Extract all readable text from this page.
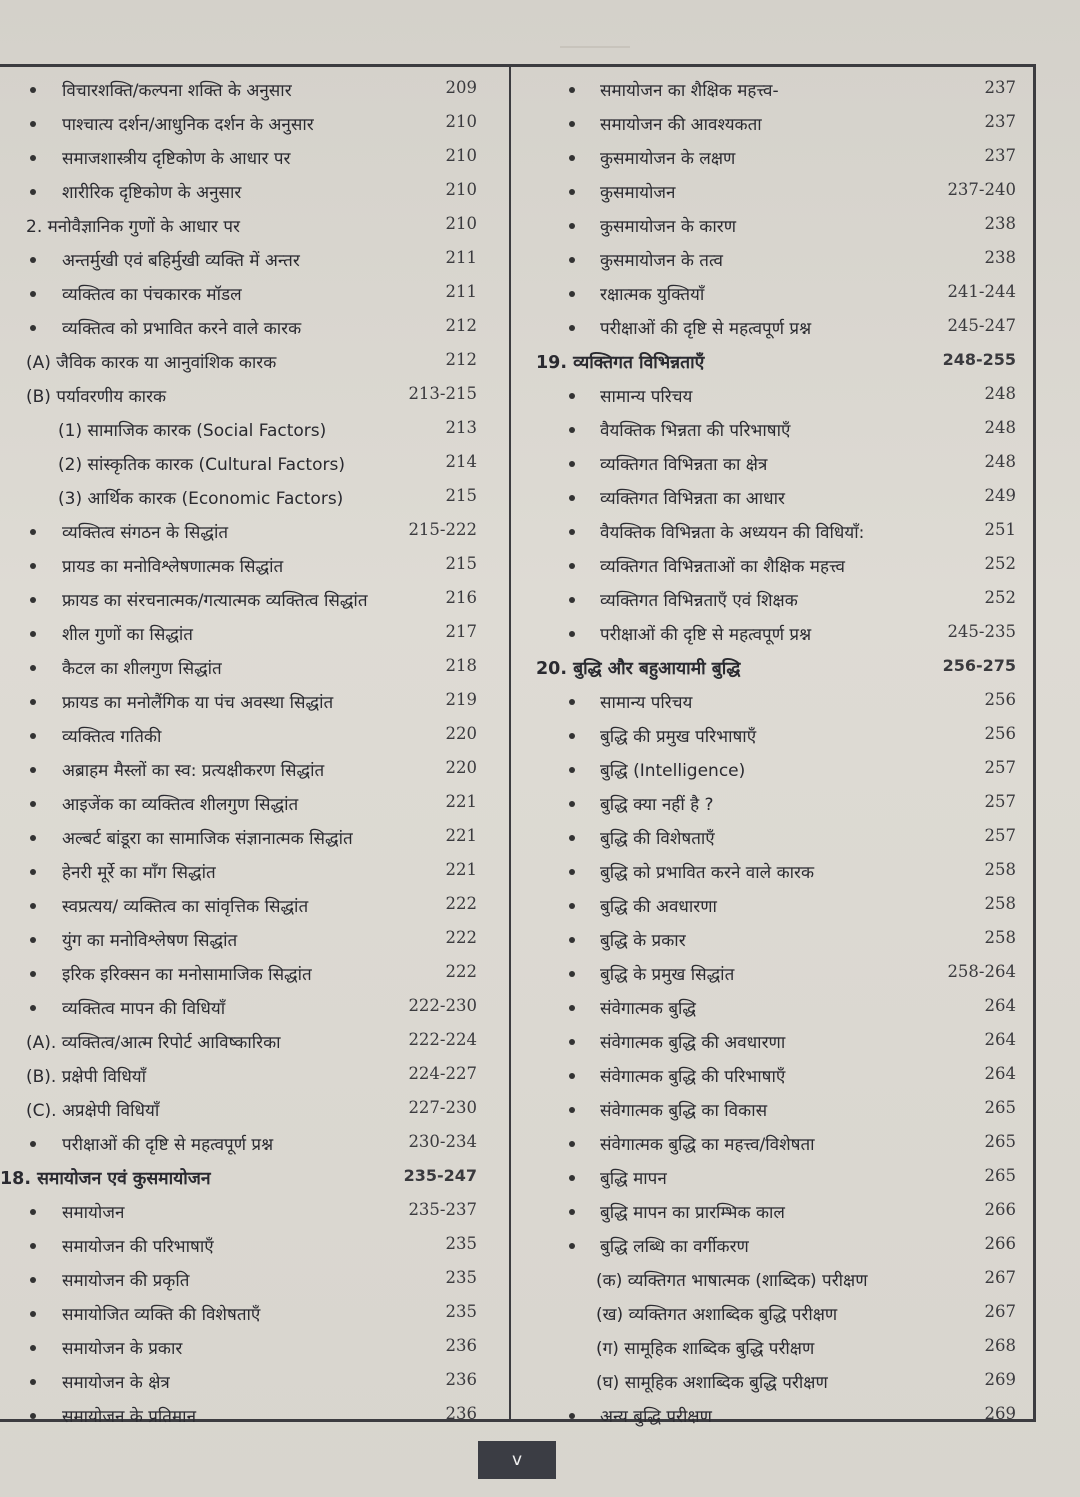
विचारशक्ति/कल्पना शक्ति के अनुसार	209
पाश्चात्य दर्शन/आधुनिक दर्शन के अनुसार	210
समाजशास्त्रीय दृष्टिकोण के आधार पर	210
शारीरिक दृष्टिकोण के अनुसार	210
2. मनोवैज्ञानिक गुणों के आधार पर	210
अन्तर्मुखी एवं बहिर्मुखी व्यक्ति में अन्तर	211
व्यक्तित्व का पंचकारक मॉडल	211
व्यक्तित्व को प्रभावित करने वाले कारक	212
(A) जैविक कारक या आनुवांशिक कारक	212
(B) पर्यावरणीय कारक	213-215
(1) सामाजिक कारक (Social Factors)	213
(2) सांस्कृतिक कारक (Cultural Factors)	214
(3) आर्थिक कारक (Economic Factors)	215
व्यक्तित्व संगठन के सिद्धांत	215-222
प्रायड का मनोविश्लेषणात्मक सिद्धांत	215
फ्रायड का संरचनात्मक/गत्यात्मक व्यक्तित्व सिद्धांत	216
शील गुणों का सिद्धांत	217
कैटल का शीलगुण सिद्धांत	218
फ्रायड का मनोलैंगिक या पंच अवस्था सिद्धांत	219
व्यक्तित्व गतिकी	220
अब्राहम मैस्लों का स्व: प्रत्यक्षीकरण सिद्धांत	220
आइजेंक का व्यक्तित्व शीलगुण सिद्धांत	221
अल्बर्ट बांडूरा का सामाजिक संज्ञानात्मक सिद्धांत	221
हेनरी मूर्रे का माँग सिद्धांत	221
स्वप्रत्यय/ व्यक्तित्व का सांवृत्तिक सिद्धांत	222
युंग का मनोविश्लेषण सिद्धांत	222
इरिक इरिक्सन का मनोसामाजिक सिद्धांत	222
व्यक्तित्व मापन की विधियाँ	222-230
(A). व्यक्तित्व/आत्म रिपोर्ट आविष्कारिका	222-224
(B). प्रक्षेपी विधियाँ	224-227
(C). अप्रक्षेपी विधियाँ	227-230
परीक्षाओं की दृष्टि से महत्वपूर्ण प्रश्न	230-234
18. समायोजन एवं कुसमायोजन	235-247
समायोजन	235-237
समायोजन की परिभाषाएँ	235
समायोजन की प्रकृति	235
समायोजित व्यक्ति की विशेषताएँ	235
समायोजन के प्रकार	236
समायोजन के क्षेत्र	236
समायोजन के प्रतिमान	236
समायोजन का शैक्षिक महत्त्व-	237
समायोजन की आवश्यकता	237
कुसमायोजन के लक्षण	237
कुसमायोजन	237-240
कुसमायोजन के कारण	238
कुसमायोजन के तत्व	238
रक्षात्मक युक्तियाँ	241-244
परीक्षाओं की दृष्टि से महत्वपूर्ण प्रश्न	245-247
19. व्यक्तिगत विभिन्नताएँ	248-255
सामान्य परिचय	248
वैयक्तिक भिन्नता की परिभाषाएँ	248
व्यक्तिगत विभिन्नता का क्षेत्र	248
व्यक्तिगत विभिन्नता का आधार	249
वैयक्तिक विभिन्नता के अध्ययन की विधियाँ:	251
व्यक्तिगत विभिन्नताओं का शैक्षिक महत्त्व	252
व्यक्तिगत विभिन्नताएँ एवं शिक्षक	252
परीक्षाओं की दृष्टि से महत्वपूर्ण प्रश्न	245-235
20. बुद्धि और बहुआयामी बुद्धि	256-275
सामान्य परिचय	256
बुद्धि की प्रमुख परिभाषाएँ	256
बुद्धि (Intelligence)	257
बुद्धि क्या नहीं है ?	257
बुद्धि की विशेषताएँ	257
बुद्धि को प्रभावित करने वाले कारक	258
बुद्धि की अवधारणा	258
बुद्धि के प्रकार	258
बुद्धि के प्रमुख सिद्धांत	258-264
संवेगात्मक बुद्धि	264
संवेगात्मक बुद्धि की अवधारणा	264
संवेगात्मक बुद्धि की परिभाषाएँ	264
संवेगात्मक बुद्धि का विकास	265
संवेगात्मक बुद्धि का महत्त्व/विशेषता	265
बुद्धि मापन	265
बुद्धि मापन का प्रारम्भिक काल	266
बुद्धि लब्धि का वर्गीकरण	266
(क) व्यक्तिगत भाषात्मक (शाब्दिक) परीक्षण	267
(ख) व्यक्तिगत अशाब्दिक बुद्धि परीक्षण	267
(ग) सामूहिक शाब्दिक बुद्धि परीक्षण	268
(घ) सामूहिक अशाब्दिक बुद्धि परीक्षण	269
अन्य बुद्धि परीक्षण	269
v
